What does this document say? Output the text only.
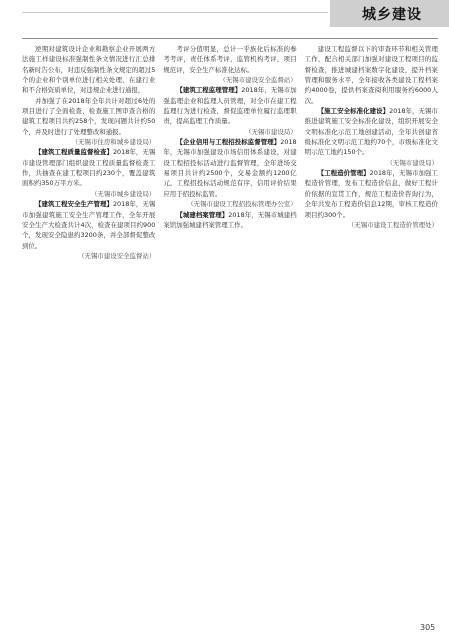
城乡建设

逆期对建筑设计企业和勘察企业开展两方法施工样建设标准强制性条文情况进行汇总排名新时告公布，对违反强制性条文规定的超过5个的企业和个别单位进行相关处理，在建行业和不合格资质单位，对违规企业进行通报，

并加强了在2018年全年共计对超过6处的项目进行了全面检查，检查施工图审查合格的建筑工程项目共约258个，发现问题共计约50个，并及时进行了处理整改和通报。

（无锡市住房和城乡建设局）

【建筑工程质量监督检查】2018年，无锡市建设管理部门组织建设工程质量监督检查工作，共抽查在建工程项目约230个，覆盖建筑面积约350万平方米。

（无锡市城乡建设局）

【建筑工程安全生产管理】2018年，无锡市加强建筑施工安全生产管理工作，全年开展安全生产大检查共计4次，检查在建项目约900个，发现安全隐患约3200条，并全部督促整改到位。

（无锡市建设安全监督站）

考评分值明显，总计一乎族化后标准的参考考评，责任体系考评，监管机构考评，项目规范评，安全生产标准化达标。

（无锡市建设安全监督站）

【建筑工程监理管理】2018年，无锡市加强监理企业和监理人员管理，对全市在建工程监理行为进行检查，督促监理单位履行监理职责，提高监理工作质量。

（无锡市建设局）

【企业信用与工程招投标监督管理】2018年，无锡市加强建设市场信用体系建设，对建设工程招投标活动进行监督管理，全年进场交易项目共计约2500个，交易金额约1200亿元，工程招投标活动规范有序，信用评价结果应用于招投标监管。

（无锡市建设工程招投标管理办公室）

【城建档案管理】2018年，无锡市城建档案馆加强城建档案管理工作。

建设工程监督以下的审查环节和相关管理工作，配合相关部门加强对建设工程项目的监督检查，推进城建档案数字化建设，提升档案管理和服务水平，全年接收各类建设工程档案约4000卷，提供档案查阅利用服务约6000人次。

【施工安全标准化建设】2018年，无锡市推进建筑施工安全标准化建设，组织开展安全文明标准化示范工地创建活动，全年共创建省级标准化文明示范工地约70个，市级标准化文明示范工地约150个。

（无锡市建设局）

【工程造价管理】2018年，无锡市加强工程造价管理，发布工程造价信息，做好工程计价依据的宣贯工作，规范工程造价咨询行为，全年共发布工程造价信息12期，审核工程造价项目约300个。

（无锡市建设工程造价管理处）

305
